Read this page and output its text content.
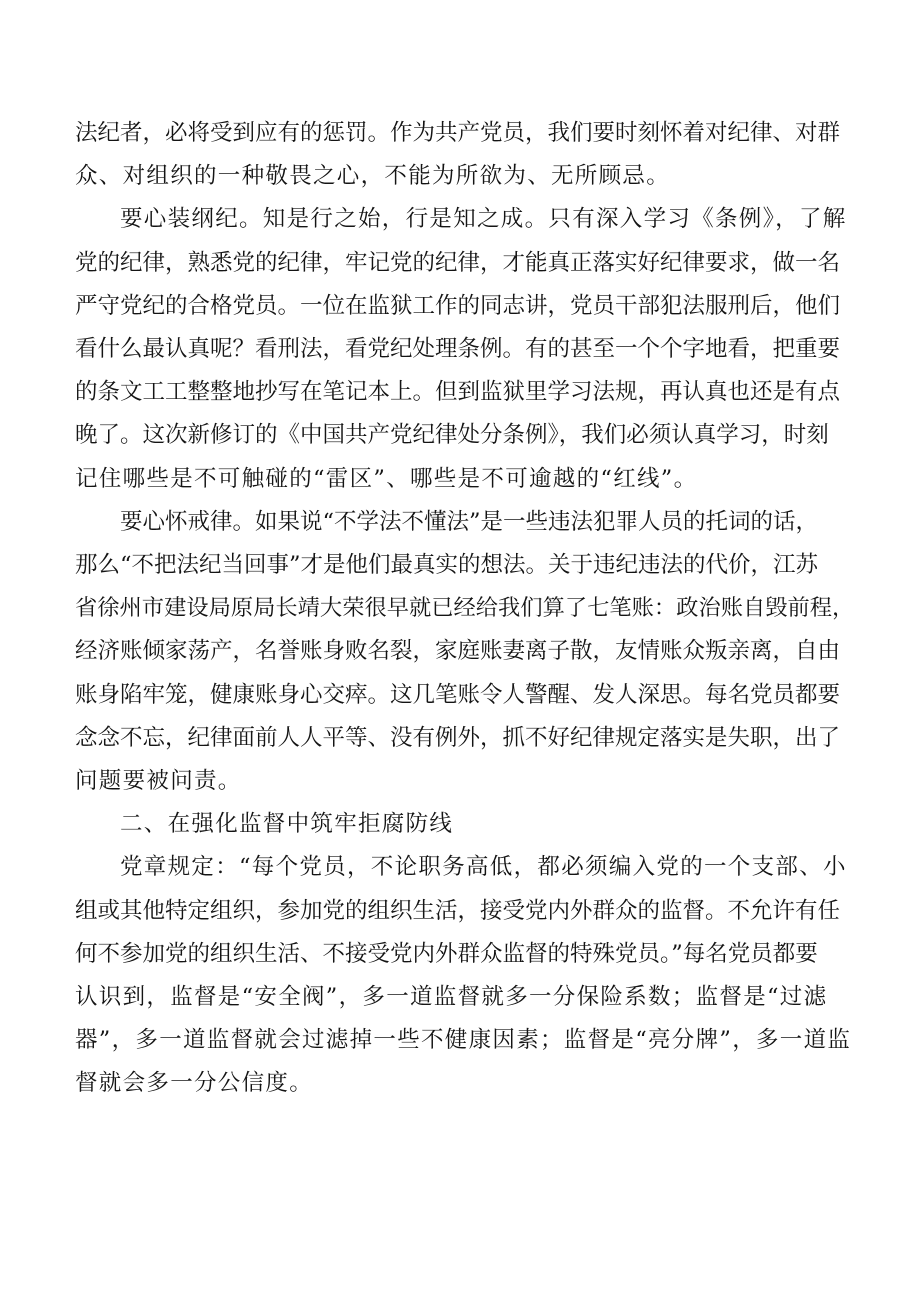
法纪者，必将受到应有的惩罚。作为共产党员，我们要时刻怀着对纪律、对群
众、对组织的一种敬畏之心，不能为所欲为、无所顾忌。

要心装纲纪。知是行之始，行是知之成。只有深入学习《条例》，了解
党的纪律，熟悉党的纪律，牢记党的纪律，才能真正落实好纪律要求，做一名
严守党纪的合格党员。一位在监狱工作的同志讲，党员干部犯法服刑后，他们
看什么最认真呢？看刑法，看党纪处理条例。有的甚至一个个字地看，把重要
的条文工工整整地抄写在笔记本上。但到监狱里学习法规，再认真也还是有点
晚了。这次新修订的《中国共产党纪律处分条例》，我们必须认真学习，时刻
记住哪些是不可触碰的“雷区”、哪些是不可逾越的“红线”。

要心怀戒律。如果说“不学法不懂法”是一些违法犯罪人员的托词的话，
那么“不把法纪当回事”才是他们最真实的想法。关于违纪违法的代价，江苏
省徐州市建设局原局长靖大荣很早就已经给我们算了七笔账：政治账自毁前程，
经济账倾家荡产，名誉账身败名裂，家庭账妻离子散，友情账众叛亲离，自由
账身陷牢笼，健康账身心交瘁。这几笔账令人警醒、发人深思。每名党员都要
念念不忘，纪律面前人人平等、没有例外，抓不好纪律规定落实是失职，出了
问题要被问责。

二、在强化监督中筑牢拒腐防线

党章规定：“每个党员，不论职务高低，都必须编入党的一个支部、小
组或其他特定组织，参加党的组织生活，接受党内外群众的监督。不允许有任
何不参加党的组织生活、不接受党内外群众监督的特殊党员。”每名党员都要
认识到，监督是“安全阀”，多一道监督就多一分保险系数；监督是“过滤
器”，多一道监督就会过滤掉一些不健康因素；监督是“亮分牌”，多一道监
督就会多一分公信度。
